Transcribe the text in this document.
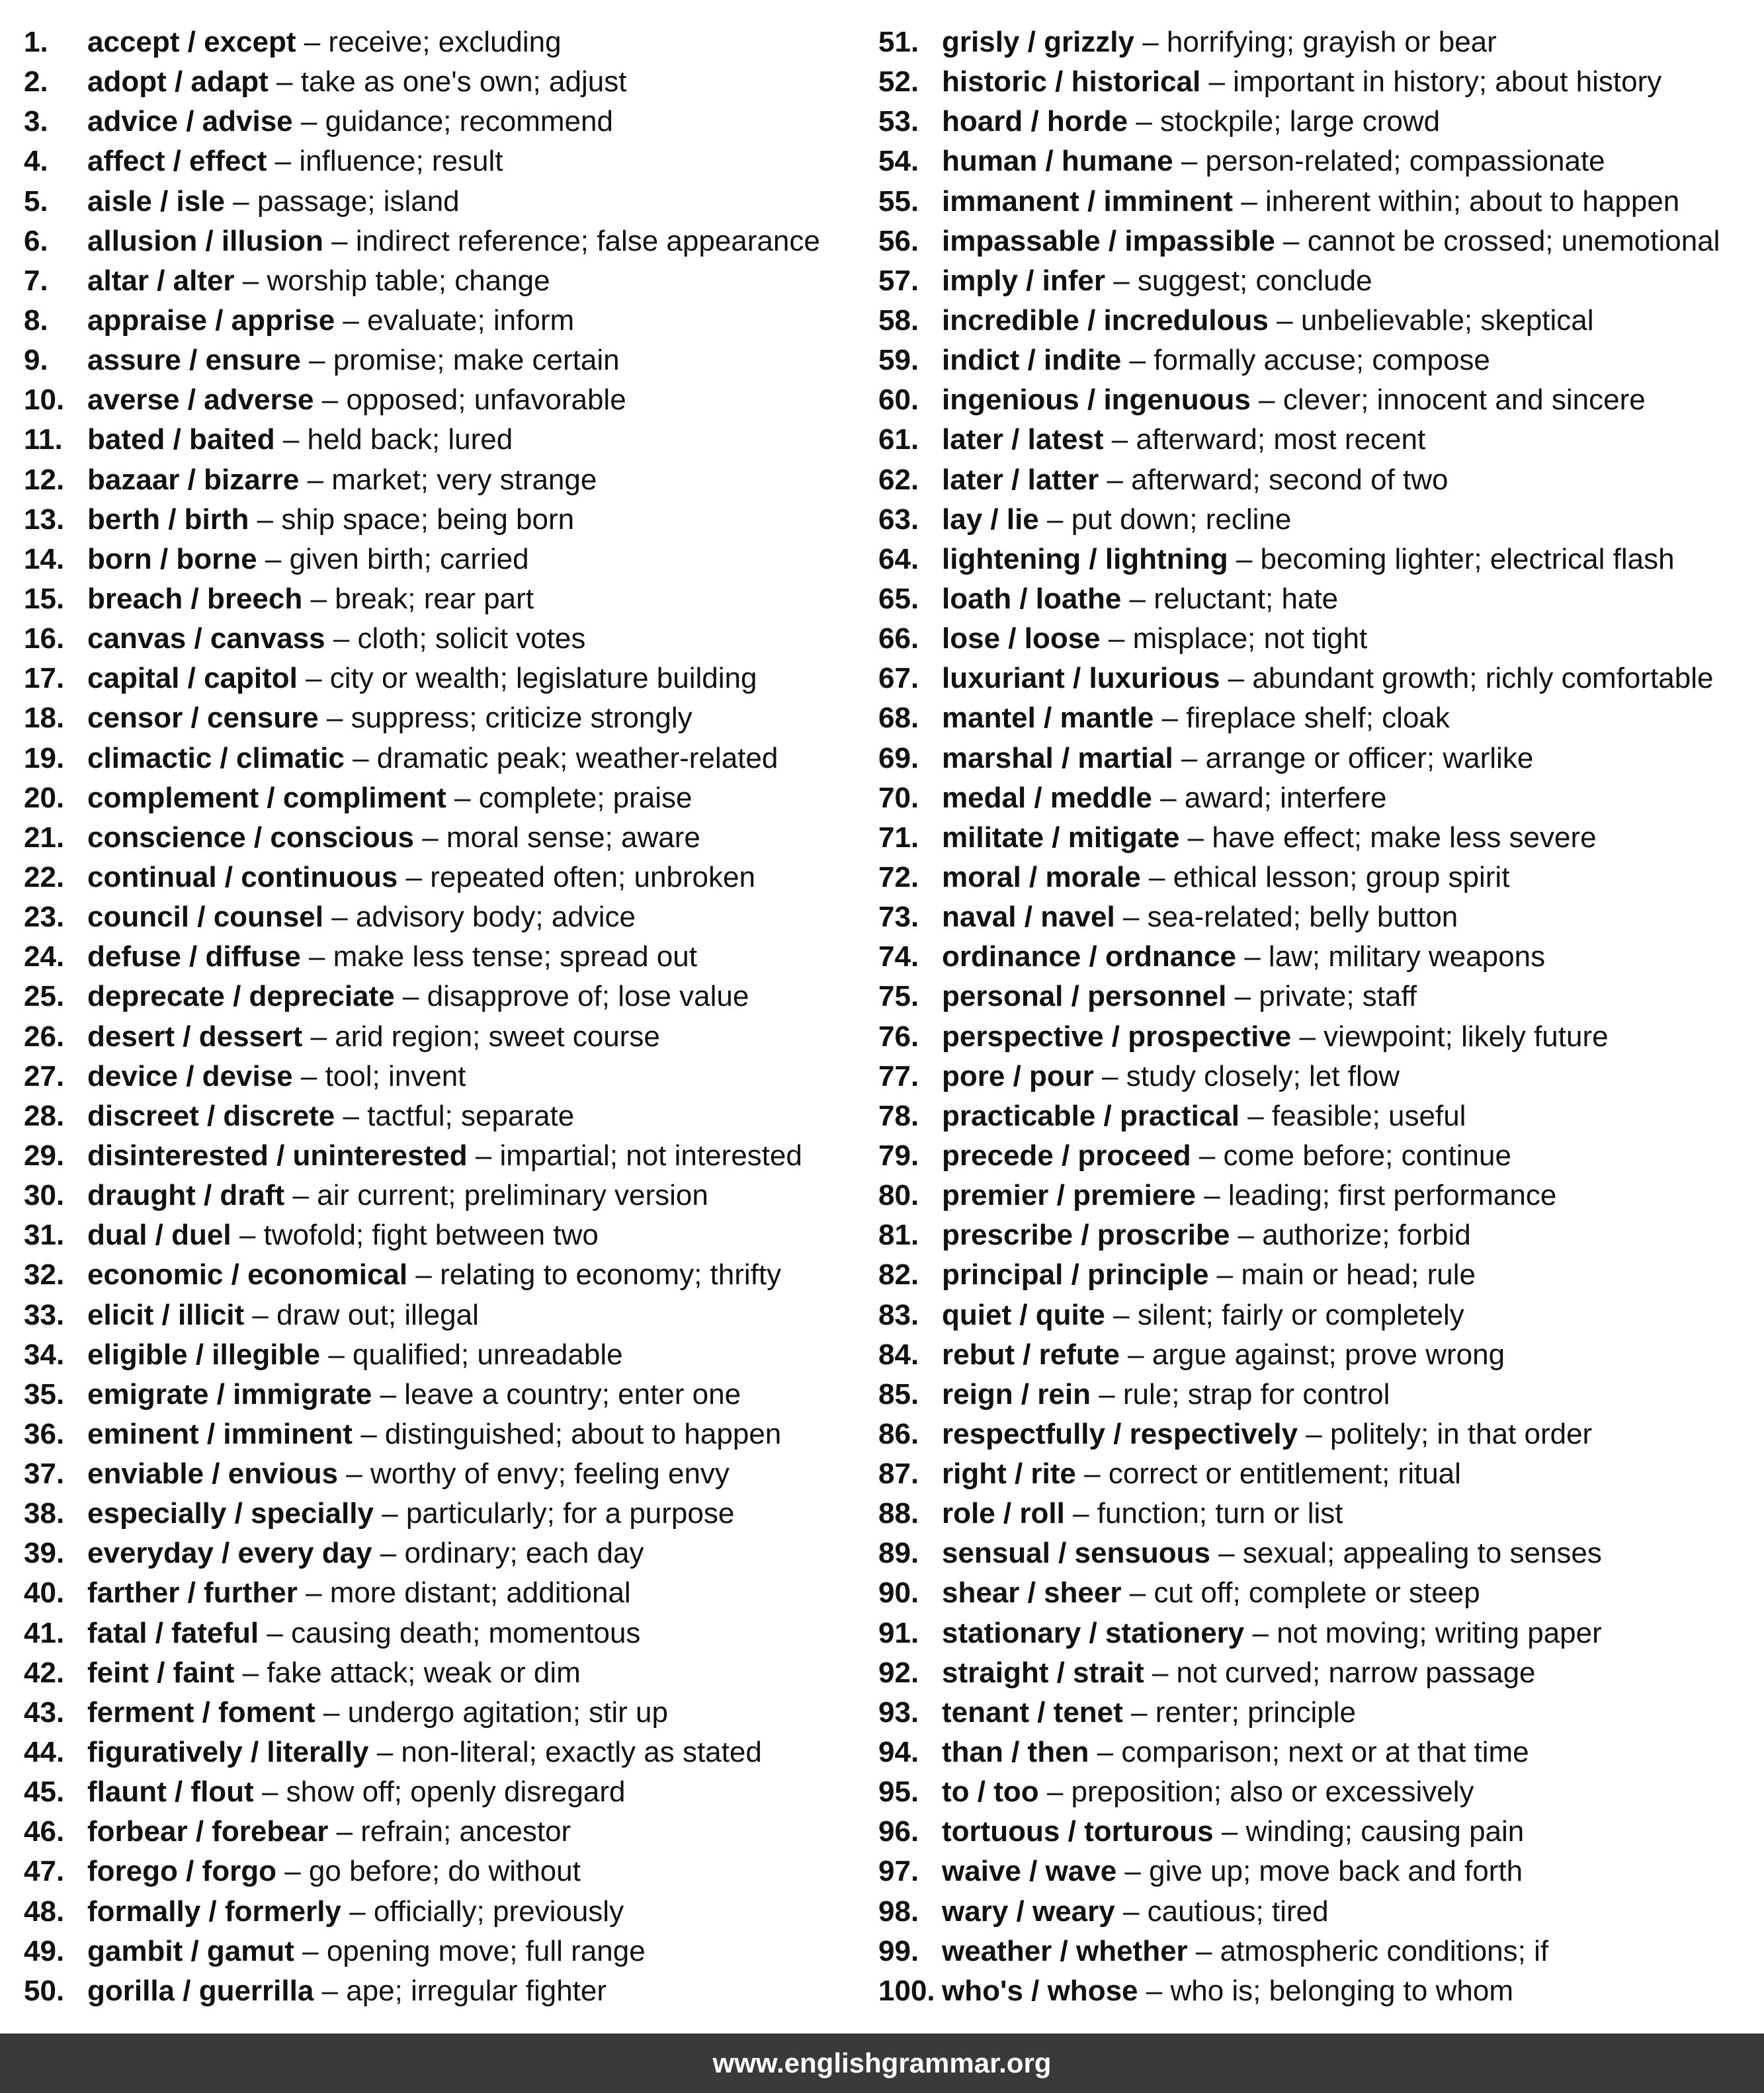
1. accept / except – receive; excluding
2. adopt / adapt – take as one's own; adjust
3. advice / advise – guidance; recommend
4. affect / effect – influence; result
5. aisle / isle – passage; island
6. allusion / illusion – indirect reference; false appearance
7. altar / alter – worship table; change
8. appraise / apprise – evaluate; inform
9. assure / ensure – promise; make certain
10. averse / adverse – opposed; unfavorable
11. bated / baited – held back; lured
12. bazaar / bizarre – market; very strange
13. berth / birth – ship space; being born
14. born / borne – given birth; carried
15. breach / breech – break; rear part
16. canvas / canvass – cloth; solicit votes
17. capital / capitol – city or wealth; legislature building
18. censor / censure – suppress; criticize strongly
19. climactic / climatic – dramatic peak; weather-related
20. complement / compliment – complete; praise
21. conscience / conscious – moral sense; aware
22. continual / continuous – repeated often; unbroken
23. council / counsel – advisory body; advice
24. defuse / diffuse – make less tense; spread out
25. deprecate / depreciate – disapprove of; lose value
26. desert / dessert – arid region; sweet course
27. device / devise – tool; invent
28. discreet / discrete – tactful; separate
29. disinterested / uninterested – impartial; not interested
30. draught / draft – air current; preliminary version
31. dual / duel – twofold; fight between two
32. economic / economical – relating to economy; thrifty
33. elicit / illicit – draw out; illegal
34. eligible / illegible – qualified; unreadable
35. emigrate / immigrate – leave a country; enter one
36. eminent / imminent – distinguished; about to happen
37. enviable / envious – worthy of envy; feeling envy
38. especially / specially – particularly; for a purpose
39. everyday / every day – ordinary; each day
40. farther / further – more distant; additional
41. fatal / fateful – causing death; momentous
42. feint / faint – fake attack; weak or dim
43. ferment / foment – undergo agitation; stir up
44. figuratively / literally – non-literal; exactly as stated
45. flaunt / flout – show off; openly disregard
46. forbear / forebear – refrain; ancestor
47. forego / forgo – go before; do without
48. formally / formerly – officially; previously
49. gambit / gamut – opening move; full range
50. gorilla / guerrilla – ape; irregular fighter
51. grisly / grizzly – horrifying; grayish or bear
52. historic / historical – important in history; about history
53. hoard / horde – stockpile; large crowd
54. human / humane – person-related; compassionate
55. immanent / imminent – inherent within; about to happen
56. impassable / impassible – cannot be crossed; unemotional
57. imply / infer – suggest; conclude
58. incredible / incredulous – unbelievable; skeptical
59. indict / indite – formally accuse; compose
60. ingenious / ingenuous – clever; innocent and sincere
61. later / latest – afterward; most recent
62. later / latter – afterward; second of two
63. lay / lie – put down; recline
64. lightening / lightning – becoming lighter; electrical flash
65. loath / loathe – reluctant; hate
66. lose / loose – misplace; not tight
67. luxuriant / luxurious – abundant growth; richly comfortable
68. mantel / mantle – fireplace shelf; cloak
69. marshal / martial – arrange or officer; warlike
70. medal / meddle – award; interfere
71. militate / mitigate – have effect; make less severe
72. moral / morale – ethical lesson; group spirit
73. naval / navel – sea-related; belly button
74. ordinance / ordnance – law; military weapons
75. personal / personnel – private; staff
76. perspective / prospective – viewpoint; likely future
77. pore / pour – study closely; let flow
78. practicable / practical – feasible; useful
79. precede / proceed – come before; continue
80. premier / premiere – leading; first performance
81. prescribe / proscribe – authorize; forbid
82. principal / principle – main or head; rule
83. quiet / quite – silent; fairly or completely
84. rebut / refute – argue against; prove wrong
85. reign / rein – rule; strap for control
86. respectfully / respectively – politely; in that order
87. right / rite – correct or entitlement; ritual
88. role / roll – function; turn or list
89. sensual / sensuous – sexual; appealing to senses
90. shear / sheer – cut off; complete or steep
91. stationary / stationery – not moving; writing paper
92. straight / strait – not curved; narrow passage
93. tenant / tenet – renter; principle
94. than / then – comparison; next or at that time
95. to / too – preposition; also or excessively
96. tortuous / torturous – winding; causing pain
97. waive / wave – give up; move back and forth
98. wary / weary – cautious; tired
99. weather / whether – atmospheric conditions; if
100. who's / whose – who is; belonging to whom
www.englishgrammar.org
